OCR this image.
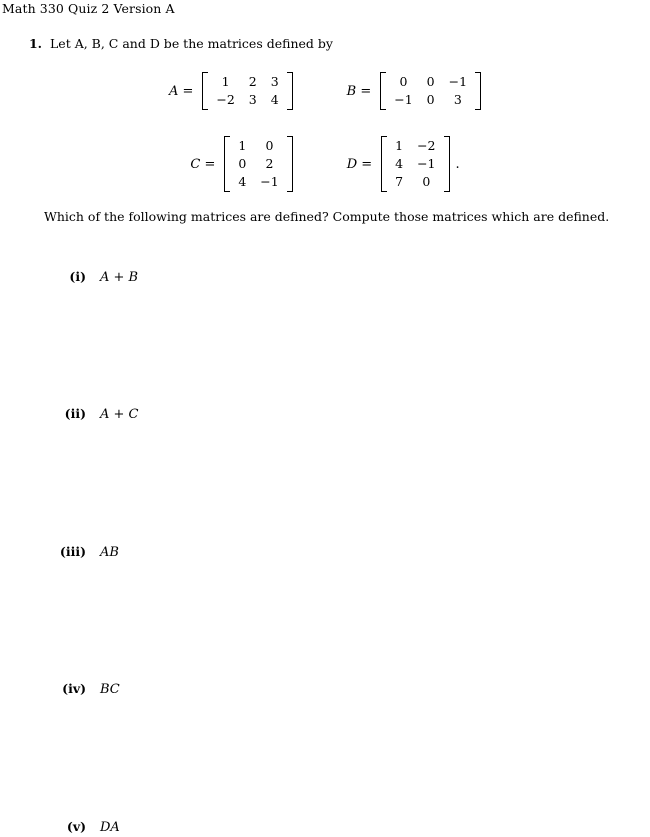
Math 330 Quiz 2 Version A
1. Let A, B, C and D be the matrices defined by
A =
1	2	3
−2	3	4
B =
0	0	−1
−1	0	3
C =
1	0
0	2
4	−1
D =
1	−2
4	−1
7	0
.
Which of the following matrices are defined? Compute those matrices which are defined.
(i) A + B
(ii) A + C
(iii) AB
(iv) BC
(v) DA
